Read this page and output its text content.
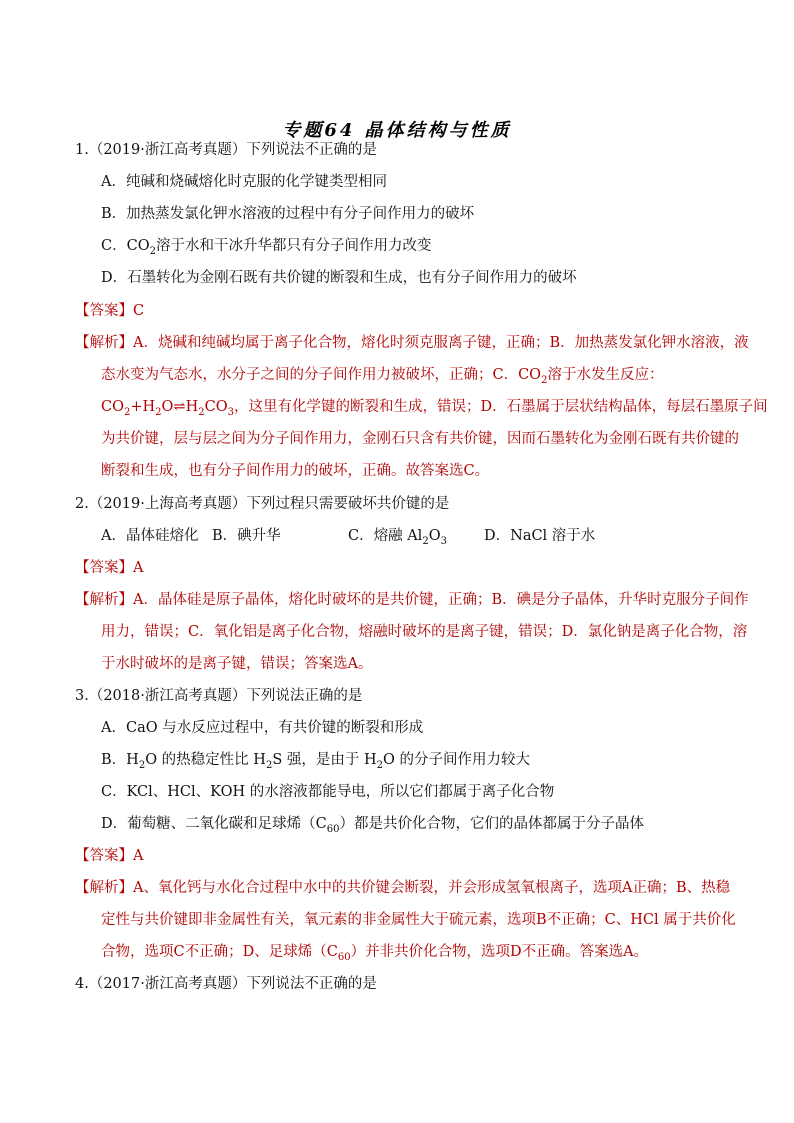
专题64 晶体结构与性质
1.（2019·浙江高考真题）下列说法不正确的是
A．纯碱和烧碱熔化时克服的化学键类型相同
B．加热蒸发氯化钾水溶液的过程中有分子间作用力的破坏
C．$CO_2$溶于水和干冰升华都只有分子间作用力改变
D．石墨转化为金刚石既有共价键的断裂和生成，也有分子间作用力的破坏
【答案】C
【解析】A．烧碱和纯碱均属于离子化合物，熔化时须克服离子键，正确；B．加热蒸发氯化钾水溶液，液
态水变为气态水，水分子之间的分子间作用力被破坏，正确；C．$CO_2$溶于水发生反应：
$CO_2+H_2O\rightleftharpoons H_2CO_3$，这里有化学键的断裂和生成，错误；D．石墨属于层状结构晶体，每层石墨原子间
为共价键，层与层之间为分子间作用力，金刚石只含有共价键，因而石墨转化为金刚石既有共价键的
断裂和生成，也有分子间作用力的破坏，正确。故答案选C。
2.（2019·上海高考真题）下列过程只需要破坏共价键的是
A．晶体硅熔化 B．碘升华	C．熔融 $Al_2O_3$	D．NaCl 溶于水
【答案】A
【解析】A．晶体硅是原子晶体，熔化时破坏的是共价键，正确；B．碘是分子晶体，升华时克服分子间作
用力，错误；C．氧化铝是离子化合物，熔融时破坏的是离子键，错误；D．氯化钠是离子化合物，溶
于水时破坏的是离子键，错误；答案选A。
3.（2018·浙江高考真题）下列说法正确的是
A．CaO 与水反应过程中，有共价键的断裂和形成
B．$H_2O$ 的热稳定性比 $H_2S$ 强，是由于 $H_2O$ 的分子间作用力较大
C．KCl、HCl、KOH 的水溶液都能导电，所以它们都属于离子化合物
D．葡萄糖、二氧化碳和足球烯$(C_{60})$都是共价化合物，它们的晶体都属于分子晶体
【答案】A
【解析】A、氧化钙与水化合过程中水中的共价键会断裂，并会形成氢氧根离子，选项A正确；B、热稳
定性与共价键即非金属性有关，氧元素的非金属性大于硫元素，选项B不正确；C、HCl 属于共价化
合物，选项C不正确；D、足球烯$(C_{60})$并非共价化合物，选项D不正确。答案选A。
4.（2017·浙江高考真题）下列说法不正确的是
